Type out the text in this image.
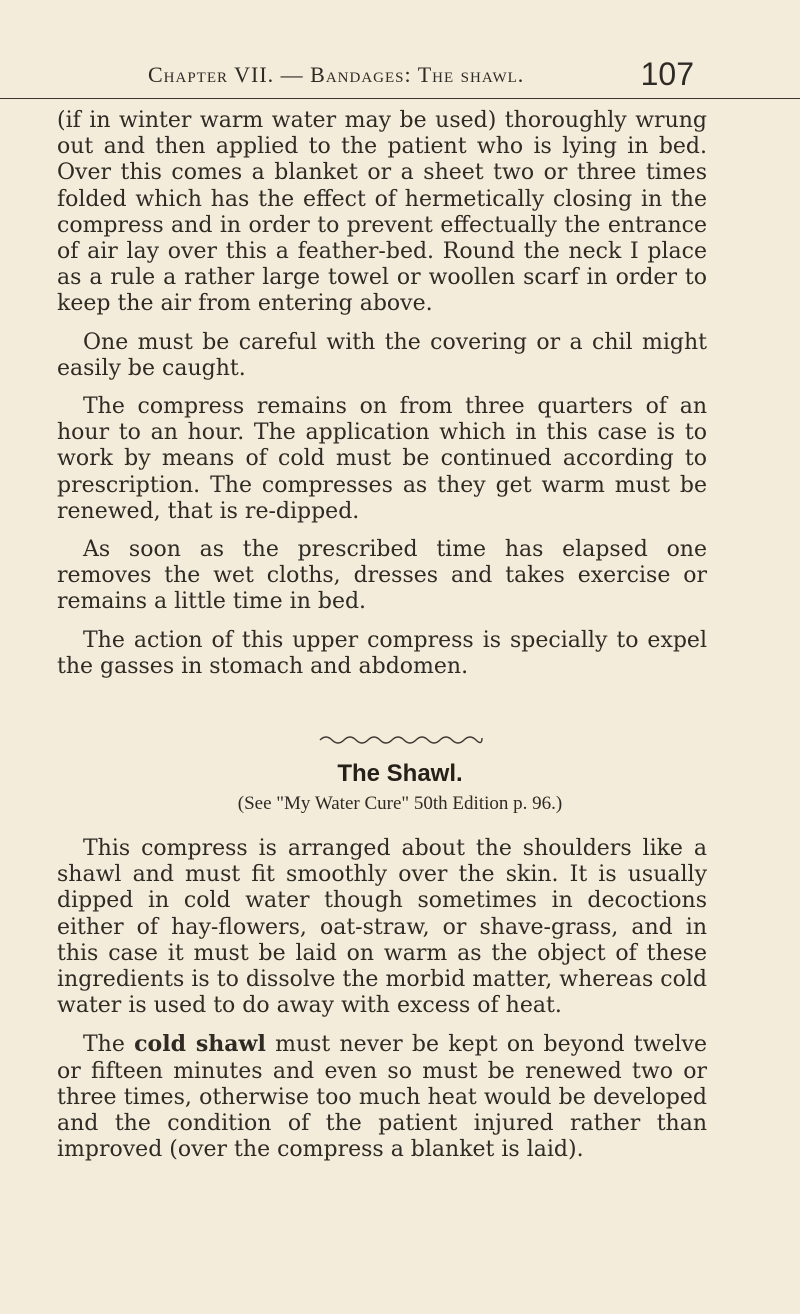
Chapter VII. — Bandages: The shawl.	107

(if in winter warm water may be used) thoroughly wrung out and then applied to the patient who is lying in bed. Over this comes a blanket or a sheet two or three times folded which has the effect of hermetically closing in the compress and in order to prevent effectually the entrance of air lay over this a feather-bed. Round the neck I place as a rule a rather large towel or woollen scarf in order to keep the air from entering above.

One must be careful with the covering or a chil might easily be caught.

The compress remains on from three quarters of an hour to an hour. The application which in this case is to work by means of cold must be continued according to prescription. The compresses as they get warm must be renewed, that is re-dipped.

As soon as the prescribed time has elapsed one removes the wet cloths, dresses and takes exercise or remains a little time in bed.

The action of this upper compress is specially to expel the gasses in stomach and abdomen.

The Shawl.
(See "My Water Cure" 50th Edition p. 96.)

This compress is arranged about the shoulders like a shawl and must fit smoothly over the skin. It is usually dipped in cold water though sometimes in decoctions either of hay-flowers, oat-straw, or shave-grass, and in this case it must be laid on warm as the object of these ingredients is to dissolve the morbid matter, whereas cold water is used to do away with excess of heat.

The cold shawl must never be kept on beyond twelve or fifteen minutes and even so must be renewed two or three times, otherwise too much heat would be developed and the condition of the patient injured rather than improved (over the compress a blanket is laid).
